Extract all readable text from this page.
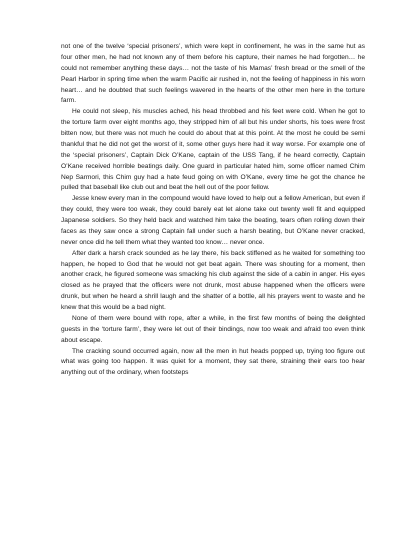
not one of the twelve ‘special prisoners’, which were kept in confinement, he was in the same hut as four other men, he had not known any of them before his capture, their names he had forgotten… he could not remember anything these days… not the taste of his Mamas’ fresh bread or the smell of the Pearl Harbor in spring time when the warm Pacific air rushed in, not the feeling of happiness in his worn heart… and he doubted that such feelings wavered in the hearts of the other men here in the torture farm.

He could not sleep, his muscles ached, his head throbbed and his feet were cold. When he got to the torture farm over eight months ago, they stripped him of all but his under shorts, his toes were frost bitten now, but there was not much he could do about that at this point. At the most he could be semi thankful that he did not get the worst of it, some other guys here had it way worse. For example one of the ‘special prisoners’, Captain Dick O’Kane, captain of the USS Tang, if he heard correctly, Captain O’Kane received horrible beatings daily. One guard in particular hated him, some officer named Chim Nep Sarmori, this Chim guy had a hate feud going on with O’Kane, every time he got the chance he pulled that baseball like club out and beat the hell out of the poor fellow.

Jesse knew every man in the compound would have loved to help out a fellow American, but even if they could, they were too weak, they could barely eat let alone take out twenty well fit and equipped Japanese soldiers. So they held back and watched him take the beating, tears often rolling down their faces as they saw once a strong Captain fall under such a harsh beating, but O’Kane never cracked, never once did he tell them what they wanted too know… never once.

After dark a harsh crack sounded as he lay there, his back stiffened as he waited for something too happen, he hoped to God that he would not get beat again. There was shouting for a moment, then another crack, he figured someone was smacking his club against the side of a cabin in anger. His eyes closed as he prayed that the officers were not drunk, most abuse happened when the officers were drunk, but when he heard a shrill laugh and the shatter of a bottle, all his prayers went to waste and he knew that this would be a bad night.

None of them were bound with rope, after a while, in the first few months of being the delighted guests in the ‘torture farm’, they were let out of their bindings, now too weak and afraid too even think about escape.

The cracking sound occurred again, now all the men in hut heads popped up, trying too figure out what was going too happen. It was quiet for a moment, they sat there, straining their ears too hear anything out of the ordinary, when footsteps
